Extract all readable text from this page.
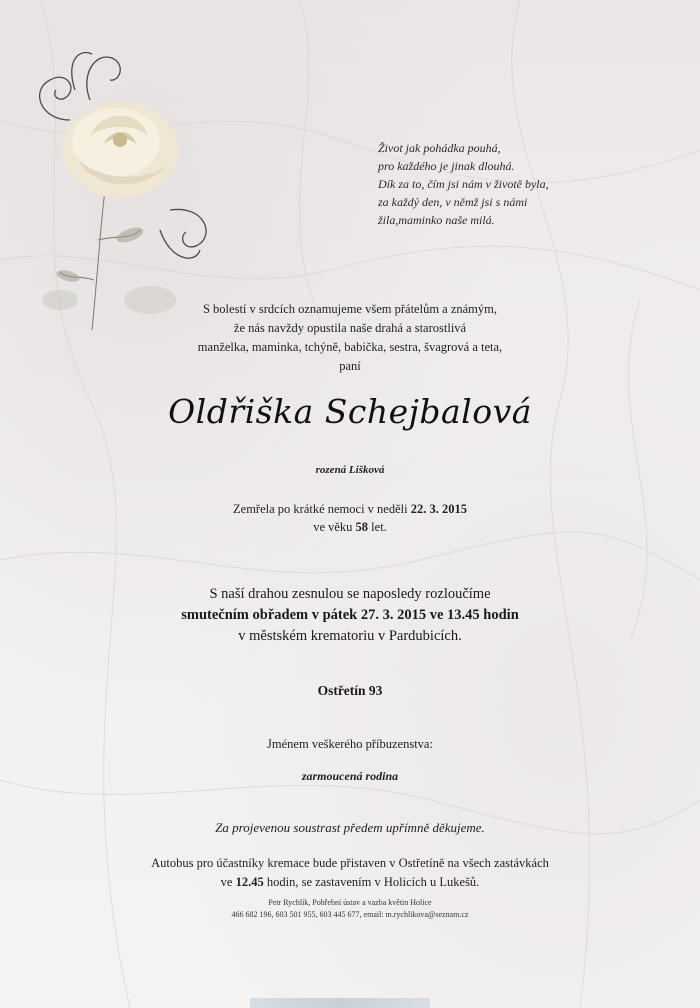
Život jak pohádka pouhá,
pro každého je jinak dlouhá.
Dík za to, čím jsi nám v životě byla,
za každý den, v němž jsi s námi
žila,maminko naše milá.
S bolestí v srdcích oznamujeme všem přátelům a známým,
že nás navždy opustila naše drahá a starostlivá
manželka, maminka, tchýně, babička, sestra, švagrová a teta,
paní
Oldřiška Schejbalová
rozená Lišková
Zemřela po krátké nemoci v neděli 22. 3. 2015
ve věku 58 let.
S naší drahou zesnulou se naposledy rozloučíme
smutečním obřadem v pátek 27. 3. 2015 ve 13.45 hodin
v městském krematoriu v Pardubicích.
Ostřetín 93
Jménem veškerého příbuzenstva:
zarmoucená rodina
Za projevenou soustrast předem upřímně děkujeme.
Autobus pro účastníky kremace bude přistaven v Ostřetíně na všech zastávkách
ve 12.45 hodin, se zastavením v Holicích u Lukešů.
Petr Rychlík, Pohřební ústav a vazba květin Holice
466 682 196, 603 501 955, 603 445 677, email: m.rychlikova@seznam.cz
